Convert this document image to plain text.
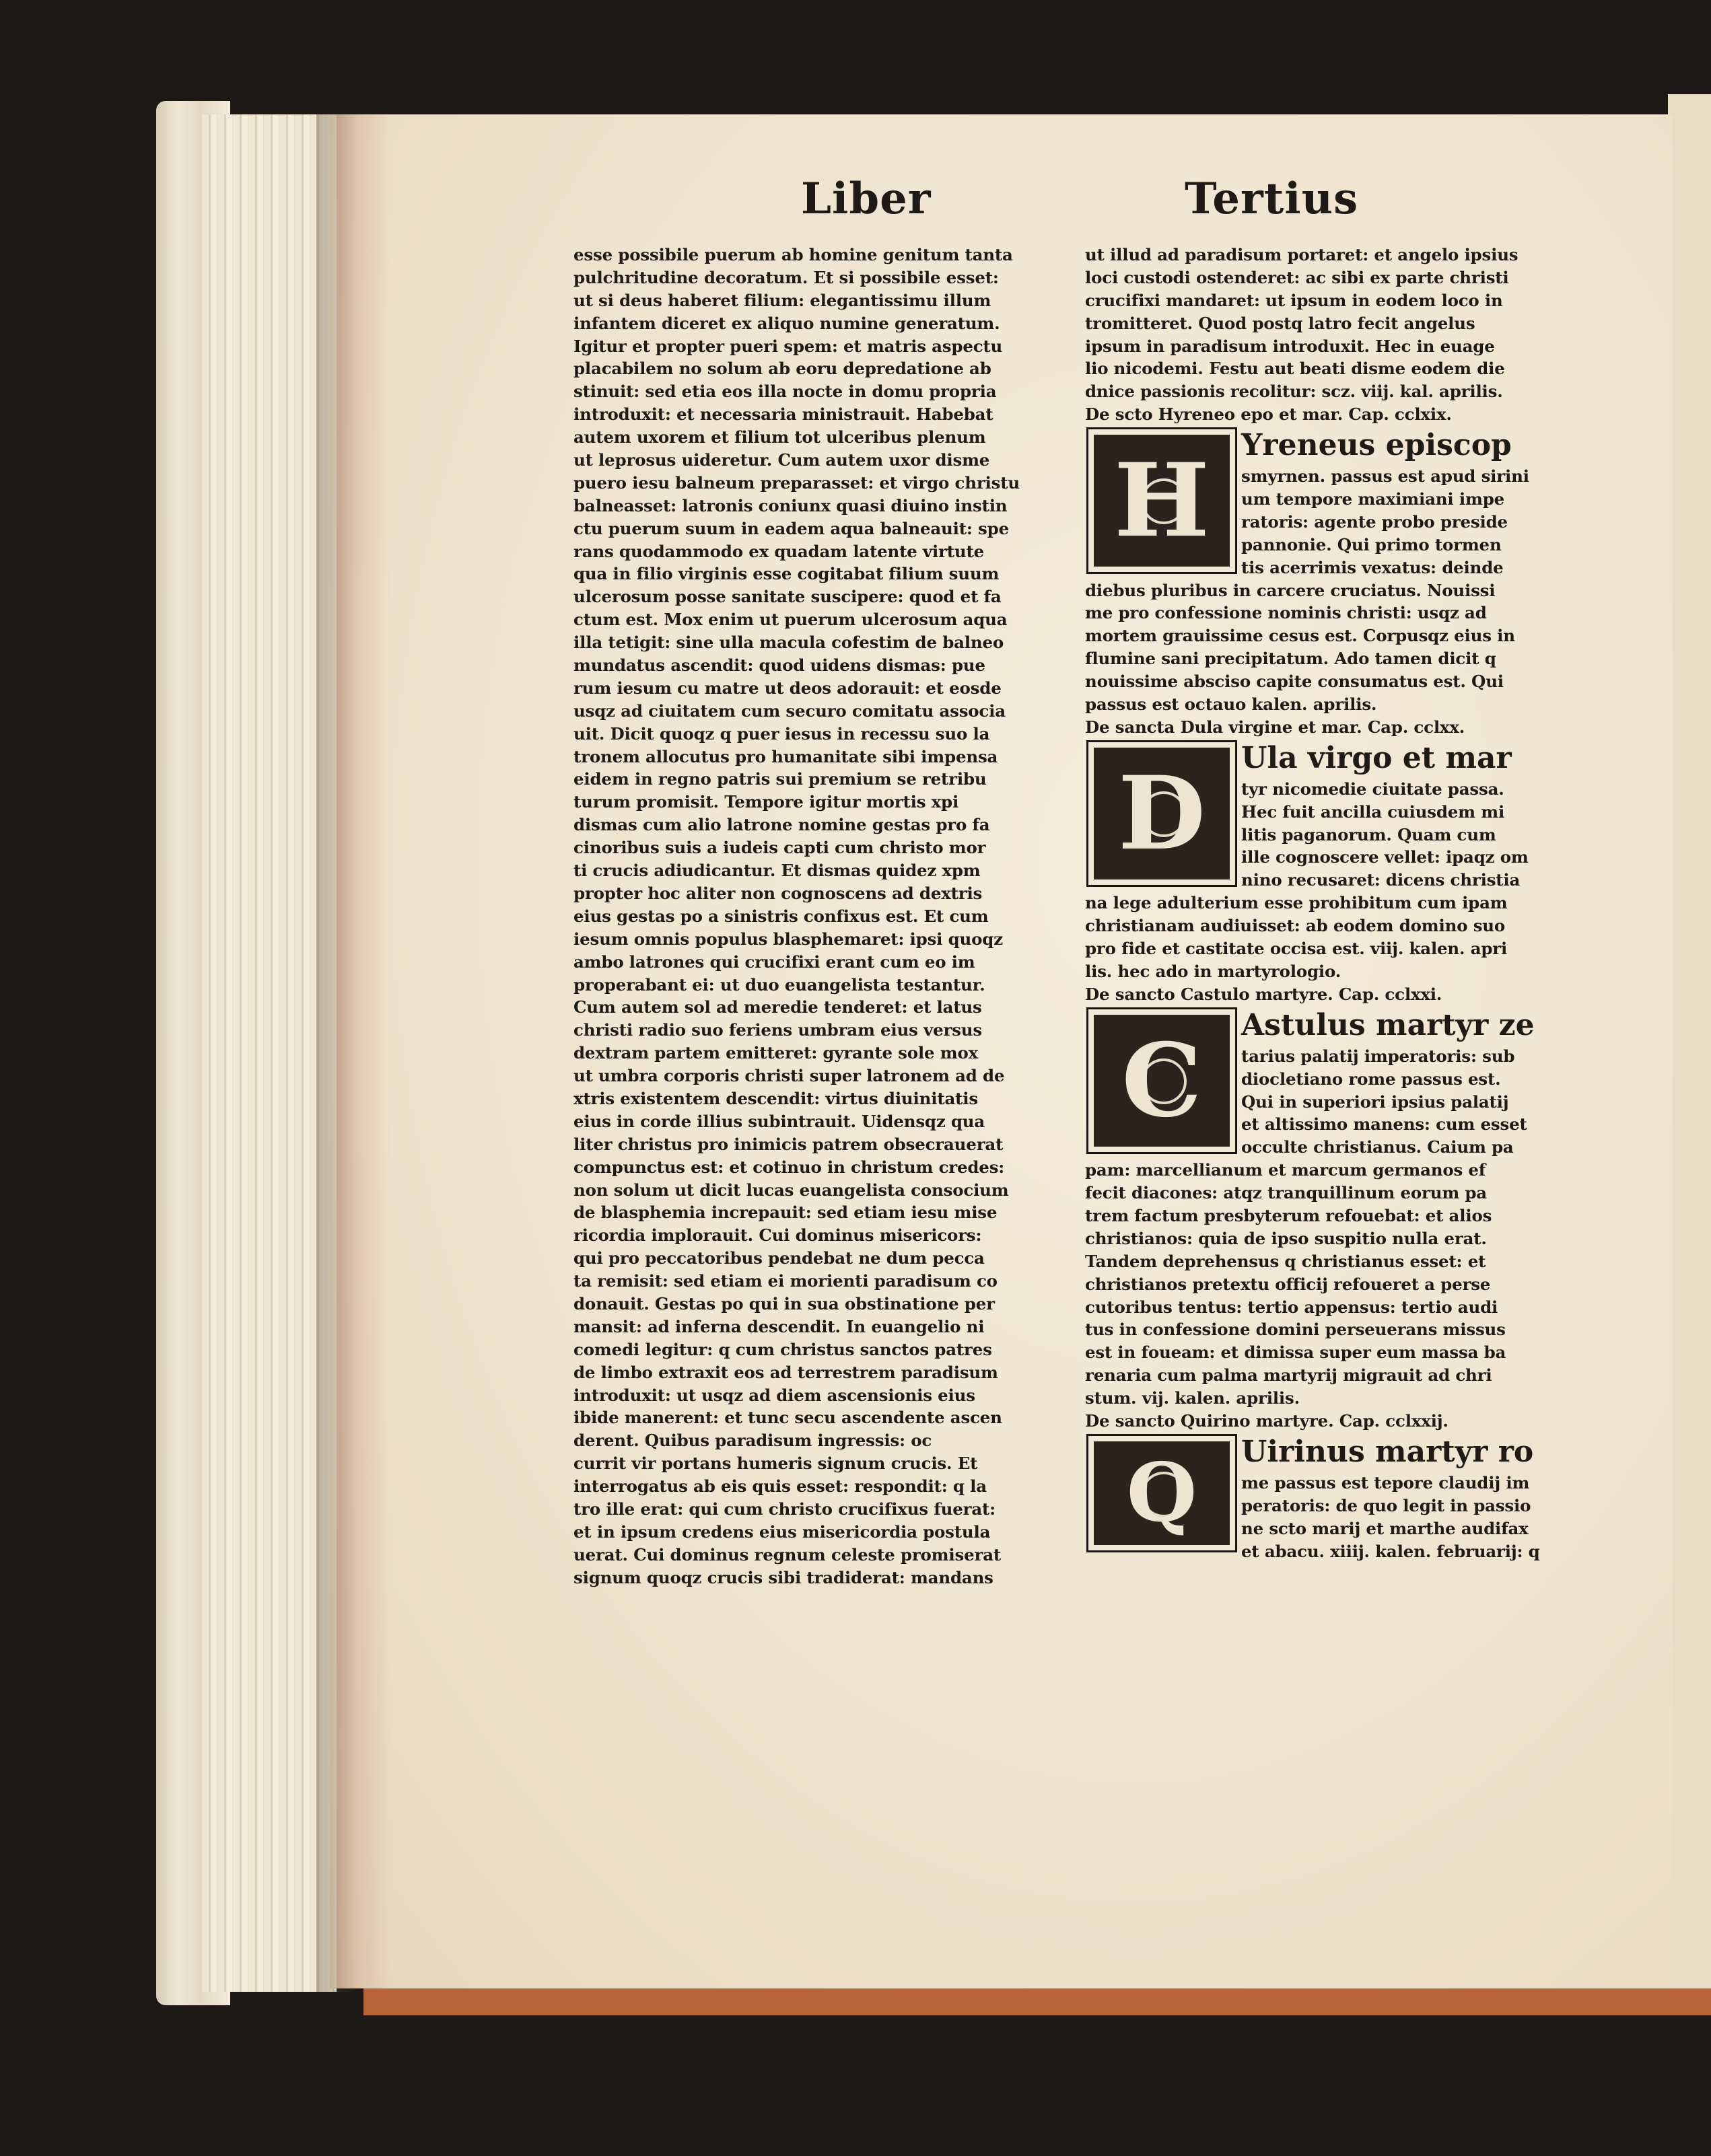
Liber	Tertius
esse possibile puerum ab homine genitum tanta
pulchritudine decoratum. Et si possibile esset:
ut si deus haberet filium: elegantissimu illum
infantem diceret ex aliquo numine generatum.
Igitur et propter pueri spem: et matris aspectu
placabilem no solum ab eoru depredatione ab
stinuit: sed etia eos illa nocte in domu propria
introduxit: et necessaria ministrauit. Habebat
autem uxorem et filium tot ulceribus plenum
ut leprosus uideretur. Cum autem uxor disme
puero iesu balneum preparasset: et virgo christu
balneasset: latronis coniunx quasi diuino instin
ctu puerum suum in eadem aqua balneauit: spe
rans quodammodo ex quadam latente virtute
qua in filio virginis esse cogitabat filium suum
ulcerosum posse sanitate suscipere: quod et fa
ctum est. Mox enim ut puerum ulcerosum aqua
illa tetigit: sine ulla macula cofestim de balneo
mundatus ascendit: quod uidens dismas: pue
rum iesum cu matre ut deos adorauit: et eosde
usqz ad ciuitatem cum securo comitatu associa
uit. Dicit quoqz q puer iesus in recessu suo la
tronem allocutus pro humanitate sibi impensa
eidem in regno patris sui premium se retribu
turum promisit. Tempore igitur mortis xpi
dismas cum alio latrone nomine gestas pro fa
cinoribus suis a iudeis capti cum christo mor
ti crucis adiudicantur. Et dismas quidez xpm
propter hoc aliter non cognoscens ad dextris
eius gestas po a sinistris confixus est. Et cum
iesum omnis populus blasphemaret: ipsi quoqz
ambo latrones qui crucifixi erant cum eo im
properabant ei: ut duo euangelista testantur.
Cum autem sol ad meredie tenderet: et latus
christi radio suo feriens umbram eius versus
dextram partem emitteret: gyrante sole mox
ut umbra corporis christi super latronem ad de
xtris existentem descendit: virtus diuinitatis
eius in corde illius subintrauit. Uidensqz qua
liter christus pro inimicis patrem obsecrauerat
compunctus est: et cotinuo in christum credes:
non solum ut dicit lucas euangelista consocium
de blasphemia increpauit: sed etiam iesu mise
ricordia implorauit. Cui dominus misericors:
qui pro peccatoribus pendebat ne dum pecca
ta remisit: sed etiam ei morienti paradisum co
donauit. Gestas po qui in sua obstinatione per
mansit: ad inferna descendit. In euangelio ni
comedi legitur: q cum christus sanctos patres
de limbo extraxit eos ad terrestrem paradisum
introduxit: ut usqz ad diem ascensionis eius
ibide manerent: et tunc secu ascendente ascen
derent. Quibus paradisum ingressis: oc
currit vir portans humeris signum crucis. Et
interrogatus ab eis quis esset: respondit: q la
tro ille erat: qui cum christo crucifixus fuerat:
et in ipsum credens eius misericordia postula
uerat. Cui dominus regnum celeste promiserat
signum quoqz crucis sibi tradiderat: mandans
ut illud ad paradisum portaret: et angelo ipsius
loci custodi ostenderet: ac sibi ex parte christi
crucifixi mandaret: ut ipsum in eodem loco in
tromitteret. Quod postq latro fecit angelus
ipsum in paradisum introduxit. Hec in euage
lio nicodemi. Festu aut beati disme eodem die
dnice passionis recolitur: scz. viij. kal. aprilis.
De scto Hyreneo epo et mar. Cap. cclxix.
H	Yreneus episcop
smyrnen. passus est apud sirini
um tempore maximiani impe
ratoris: agente probo preside
pannonie. Qui primo tormen
tis acerrimis vexatus: deinde
diebus pluribus in carcere cruciatus. Nouissi
me pro confessione nominis christi: usqz ad
mortem grauissime cesus est. Corpusqz eius in
flumine sani precipitatum. Ado tamen dicit q
nouissime absciso capite consumatus est. Qui
passus est octauo kalen. aprilis.
De sancta Dula virgine et mar. Cap. cclxx.
D	Ula virgo et mar
tyr nicomedie ciuitate passa.
Hec fuit ancilla cuiusdem mi
litis paganorum. Quam cum
ille cognoscere vellet: ipaqz om
nino recusaret: dicens christia
na lege adulterium esse prohibitum cum ipam
christianam audiuisset: ab eodem domino suo
pro fide et castitate occisa est. viij. kalen. apri
lis. hec ado in martyrologio.
De sancto Castulo martyre. Cap. cclxxi.
C	Astulus martyr ze
tarius palatij imperatoris: sub
diocletiano rome passus est.
Qui in superiori ipsius palatij
et altissimo manens: cum esset
occulte christianus. Caium pa
pam: marcellianum et marcum germanos ef
fecit diacones: atqz tranquillinum eorum pa
trem factum presbyterum refouebat: et alios
christianos: quia de ipso suspitio nulla erat.
Tandem deprehensus q christianus esset: et
christianos pretextu officij refoueret a perse
cutoribus tentus: tertio appensus: tertio audi
tus in confessione domini perseuerans missus
est in foueam: et dimissa super eum massa ba
renaria cum palma martyrij migrauit ad chri
stum. vij. kalen. aprilis.
De sancto Quirino martyre. Cap. cclxxij.
Q	Uirinus martyr ro
me passus est tepore claudij im
peratoris: de quo legit in passio
ne scto marij et marthe audifax
et abacu. xiiij. kalen. februarij: q
